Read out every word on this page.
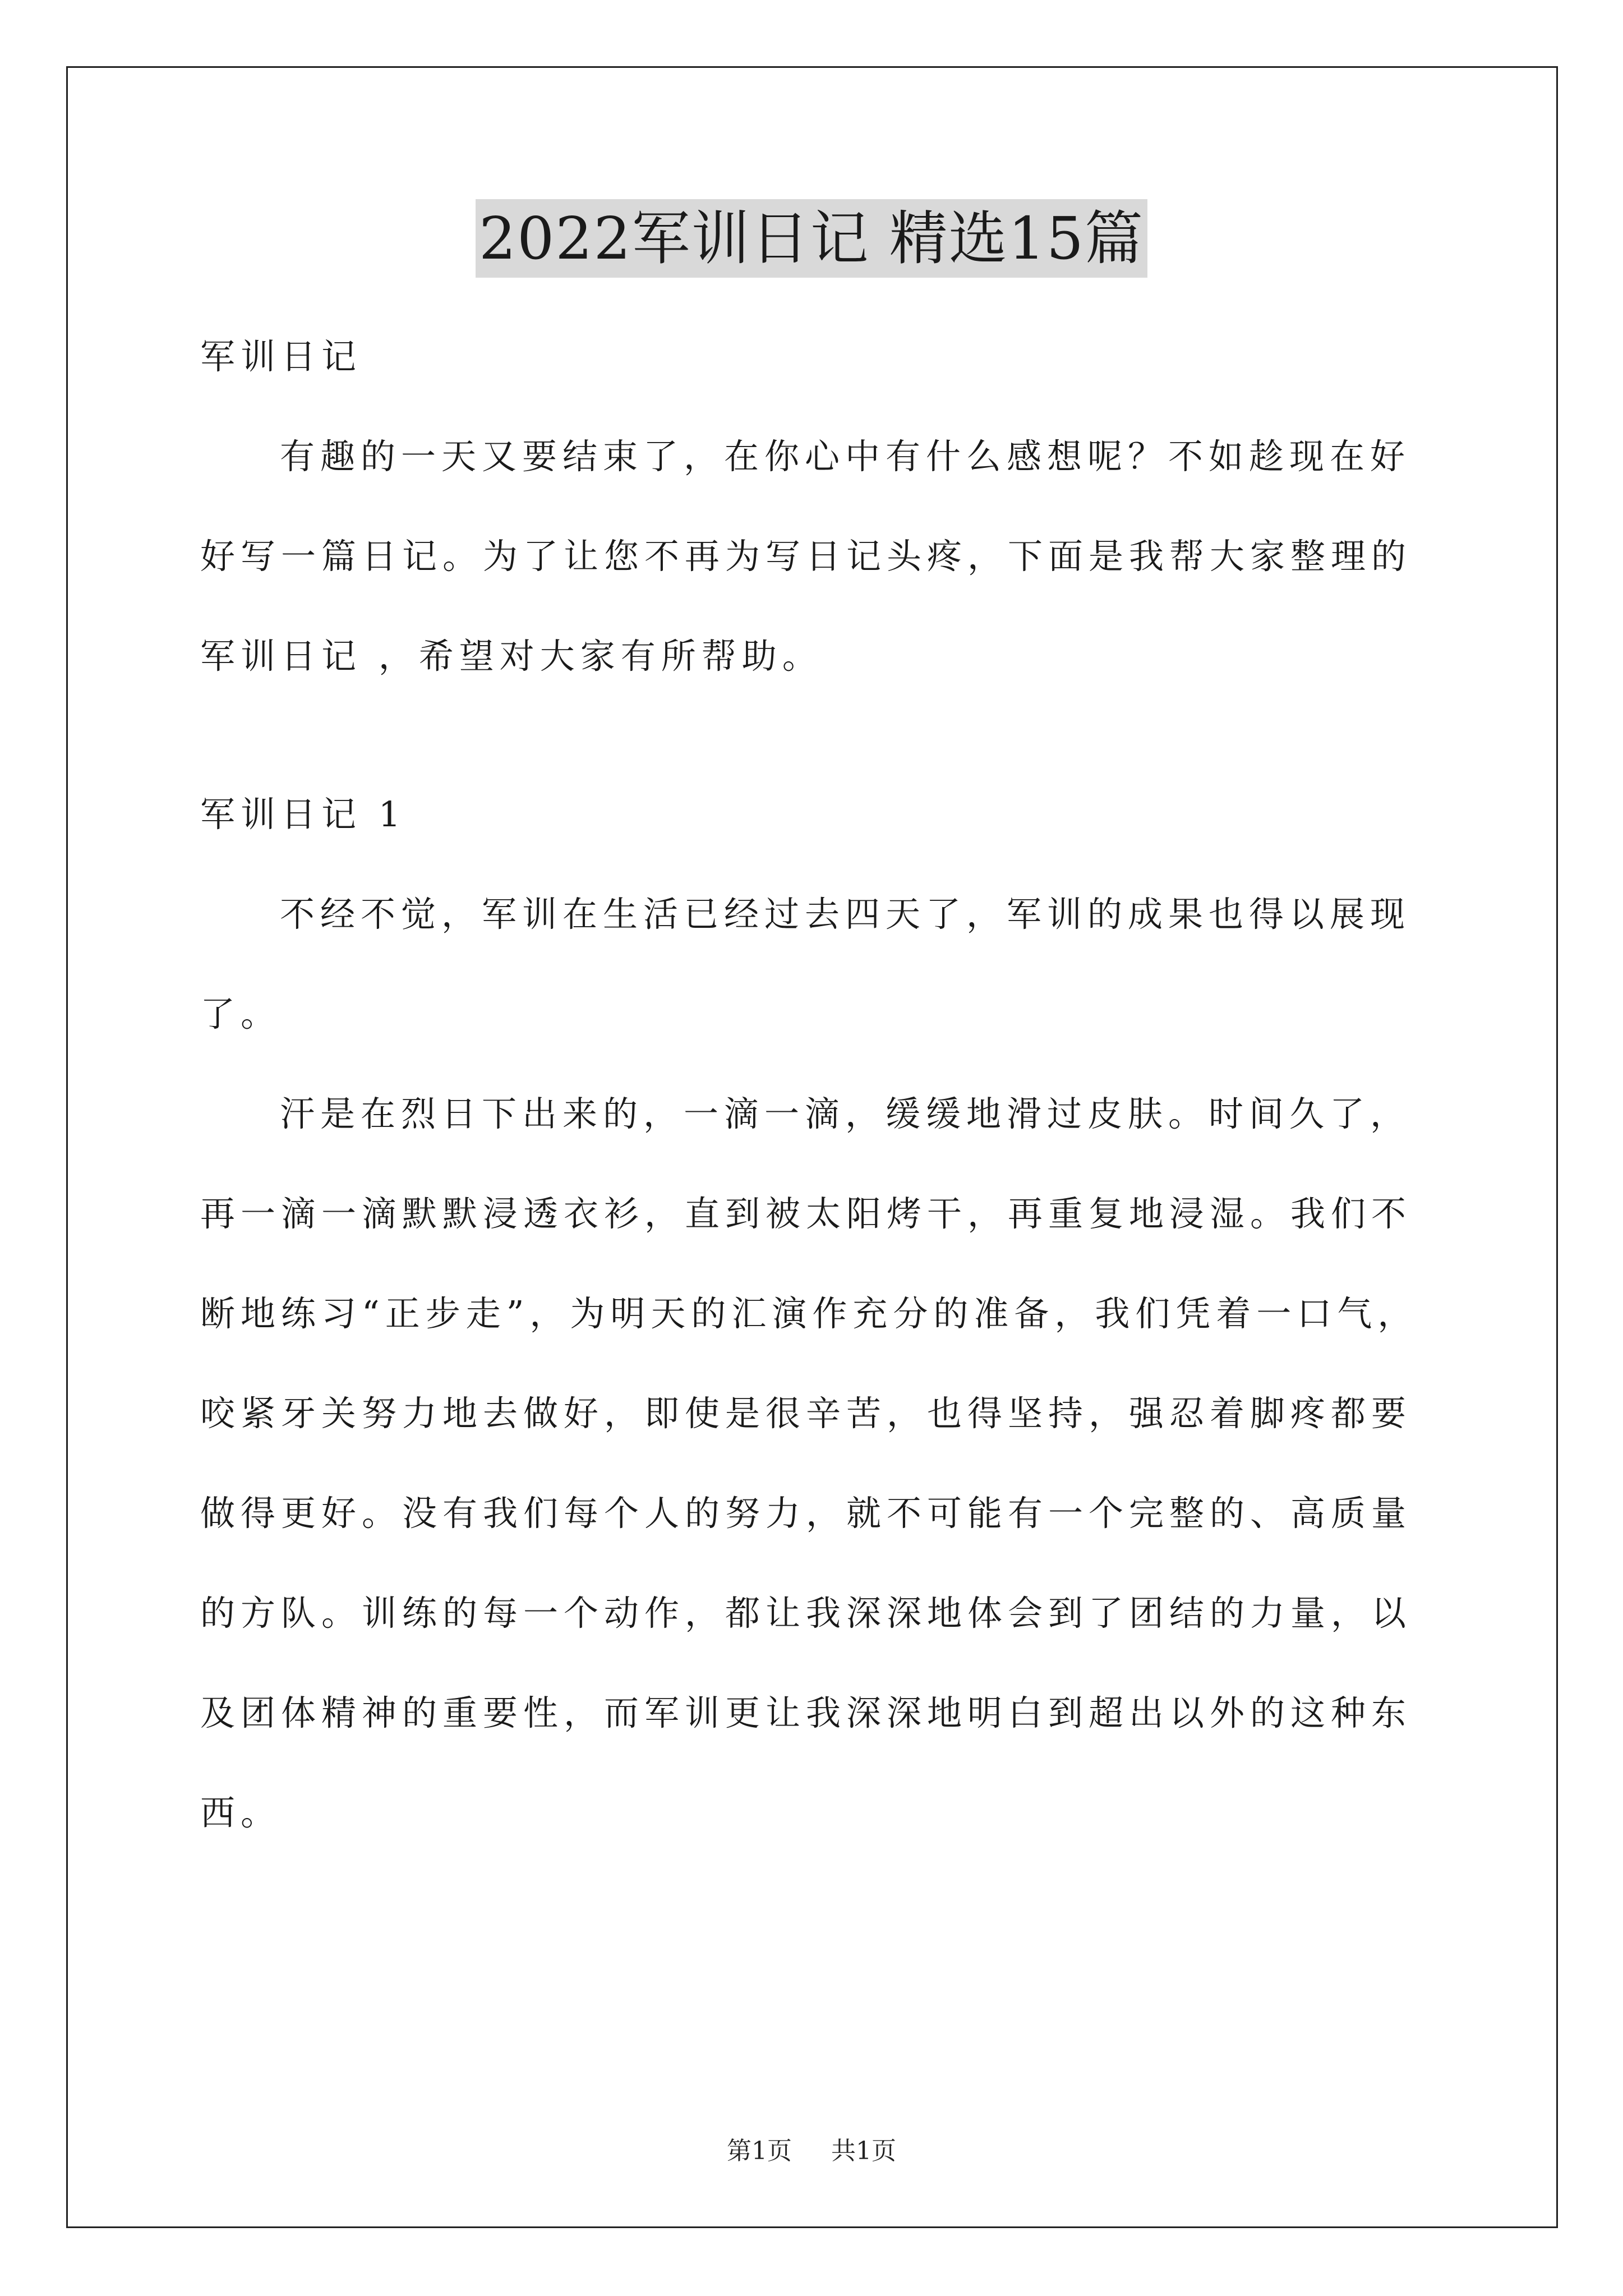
2022军训日记 精选15篇
军训日记
有趣的一天又要结束了，在你心中有什么感想呢？不如趁现在好
好写一篇日记。为了让您不再为写日记头疼，下面是我帮大家整理的
军训日记 ，希望对大家有所帮助。
军训日记 1
不经不觉，军训在生活已经过去四天了，军训的成果也得以展现
了。
汗是在烈日下出来的，一滴一滴，缓缓地滑过皮肤。时间久了，
再一滴一滴默默浸透衣衫，直到被太阳烤干，再重复地浸湿。我们不
断地练习“正步走”，为明天的汇演作充分的准备，我们凭着一口气，
咬紧牙关努力地去做好，即使是很辛苦，也得坚持，强忍着脚疼都要
做得更好。没有我们每个人的努力，就不可能有一个完整的、高质量
的方队。训练的每一个动作，都让我深深地体会到了团结的力量，以
及团体精神的重要性，而军训更让我深深地明白到超出以外的这种东
西。
第1页 共1页
